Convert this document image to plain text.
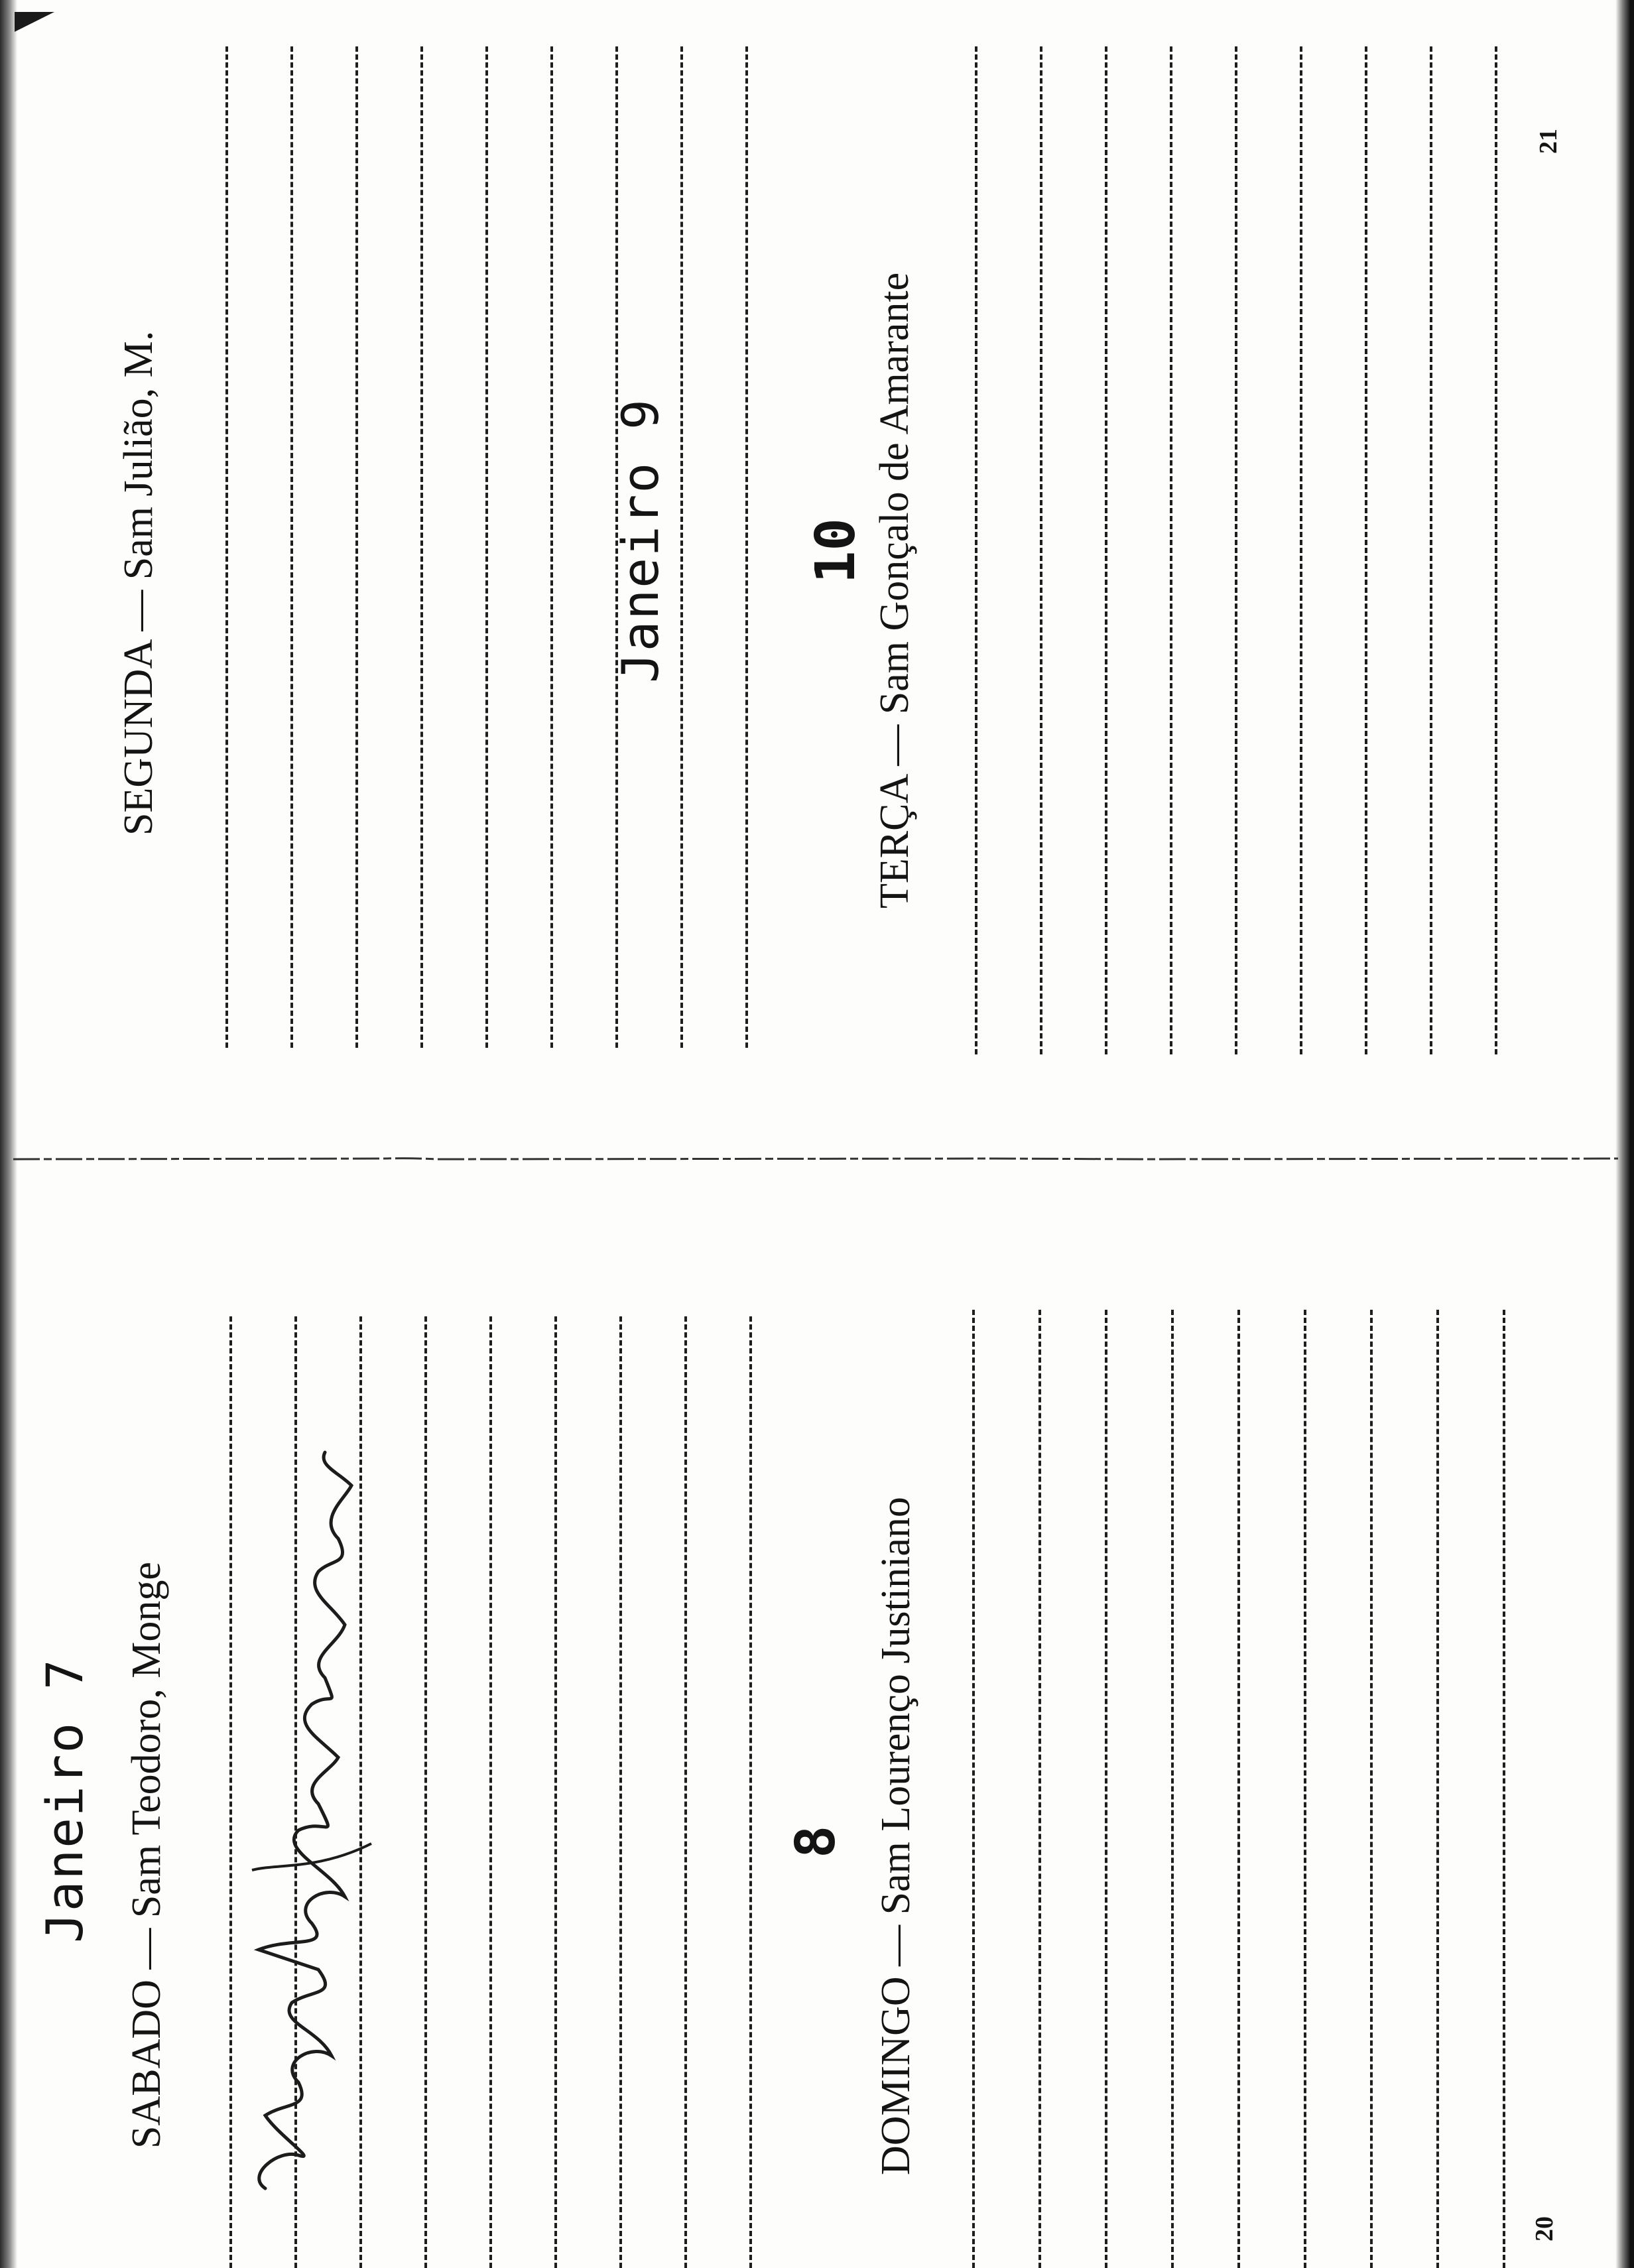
Janeiro 7 SABADO — Sam Teodoro, Monge	8 DOMINGO — Sam Lourenço Justiniano
20
Janeiro 9
SEGUNDA — Sam Julião, M.	10 TERÇA — Sam Gonçalo de Amarante
21
